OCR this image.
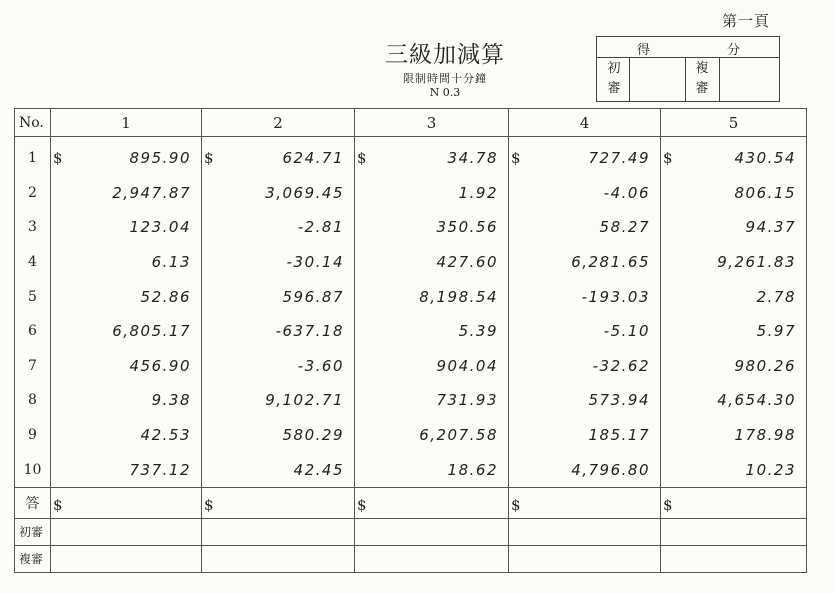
第一頁
三級加減算
限制時間十分鐘
N 0.3
得	分
初
審
複
審
No.	1	2	3	4	5
1	$ 895.90	$ 624.71	$ 34.78	$ 727.49	$ 430.54
2	2,947.87	3,069.45	1.92	-4.06	806.15
3	123.04	-2.81	350.56	58.27	94.37
4	6.13	-30.14	427.60	6,281.65	9,261.83
5	52.86	596.87	8,198.54	-193.03	2.78
6	6,805.17	-637.18	5.39	-5.10	5.97
7	456.90	-3.60	904.04	-32.62	980.26
8	9.38	9,102.71	731.93	573.94	4,654.30
9	42.53	580.29	6,207.58	185.17	178.98
10	737.12	42.45	18.62	4,796.80	10.23
答	$	$	$	$	$

初審					
複審					
